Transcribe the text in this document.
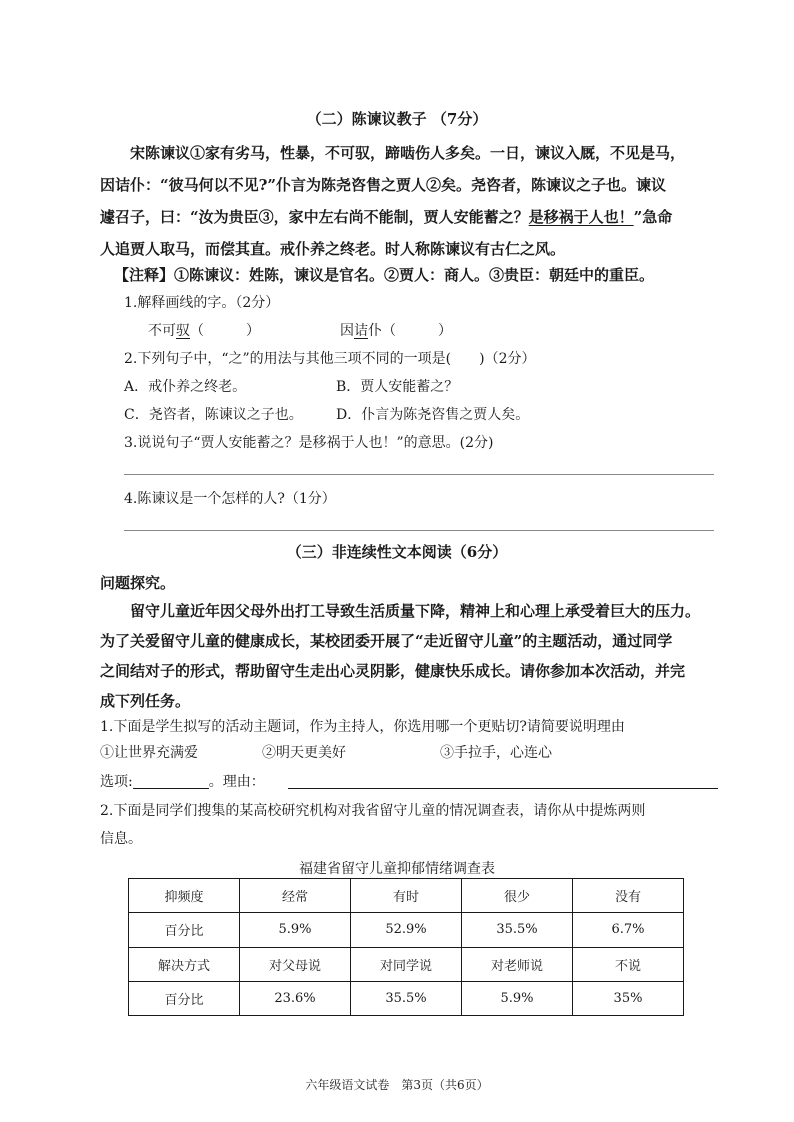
（二）陈谏议教子 （7分）
宋陈谏议①家有劣马，性暴，不可驭，蹄啮伤人多矣。一日，谏议入厩，不见是马，
因诘仆：“彼马何以不见?”仆言为陈尧咨售之贾人②矣。尧咨者，陈谏议之子也。谏议
遽召子，曰：“汝为贵臣③，家中左右尚不能制，贾人安能蓄之？是移祸于人也！”急命
人追贾人取马，而偿其直。戒仆养之终老。时人称陈谏议有古仁之风。
【注释】①陈谏议：姓陈，谏议是官名。②贾人：商人。③贵臣：朝廷中的重臣。
1.解释画线的字。（2分）
不可驭（　　　）	因诘仆（　　　）
2.下列句子中，“之”的用法与其他三项不同的一项是(　　)（2分）
A．戒仆养之终老。	B．贾人安能蓄之？
C．尧咨者，陈谏议之子也。 D．仆言为陈尧咨售之贾人矣。
3.说说句子“贾人安能蓄之？是移祸于人也！”的意思。(2分)
4.陈谏议是一个怎样的人?（1分）
（三）非连续性文本阅读（6分）
问题探究。
留守儿童近年因父母外出打工导致生活质量下降，精神上和心理上承受着巨大的压力。
为了关爱留守儿童的健康成长，某校团委开展了“走近留守儿童”的主题活动，通过同学
之间结对子的形式，帮助留守生走出心灵阴影，健康快乐成长。请你参加本次活动，并完
成下列任务。
1.下面是学生拟写的活动主题词，作为主持人，你选用哪一个更贴切?请简要说明理由
①让世界充满爱	②明天更美好	③手拉手，心连心
选项:	。理由：
2.下面是同学们搜集的某高校研究机构对我省留守儿童的情况调查表，请你从中提炼两则
信息。
福建省留守儿童抑郁情绪调查表
抑频度	经常	有时	很少	没有
百分比	5.9%	52.9%	35.5%	6.7%
解决方式	对父母说	对同学说	对老师说	不说
百分比	23.6%	35.5%	5.9%	35%
六年级语文试卷　第3页（共6页）
